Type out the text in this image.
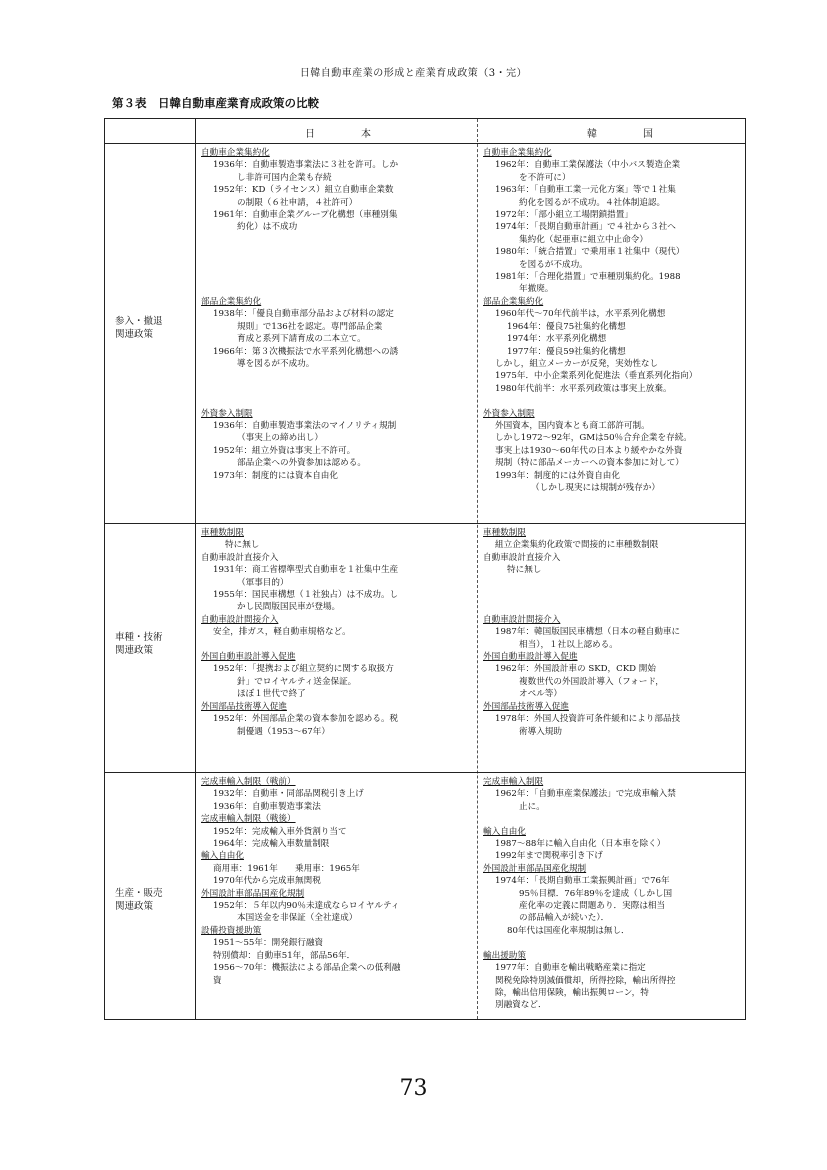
日韓自動車産業の形成と産業育成政策（3・完）
第３表　日韓自動車産業育成政策の比較
日　本	韓　国
参入・撤退
関連政策
車種・技術
関連政策
生産・販売
関連政策
自動車企業集約化
1936年：自動車製造事業法に３社を許可。しか
し非許可国内企業も存続
1952年：KD（ライセンス）組立自動車企業数
の制限（６社申請，４社許可）
1961年：自動車企業グループ化構想（車種別集
約化）は不成功

部品企業集約化
1938年：「優良自動車部分品および材料の認定
規則」で136社を認定。専門部品企業
育成と系列下請育成の二本立て。
1966年：第３次機振法で水平系列化構想への誘
導を図るが不成功。

外資参入制限
1936年：自動車製造事業法のマイノリティ規制
（事実上の締め出し）
1952年：組立外資は事実上不許可。
部品企業への外資参加は認める。
1973年：制度的には資本自由化
自動車企業集約化
1962年：自動車工業保護法（中小バス製造企業
を不許可に）
1963年：「自動車工業一元化方案」等で１社集
約化を図るが不成功。４社体制追認。
1972年：「部小組立工場閉鎖措置」
1974年：「長期自動車計画」で４社から３社へ
集約化（起亜車に組立中止命令）
1980年：「統合措置」で乗用車１社集中（現代）
を図るが不成功。
1981年：「合理化措置」で車種別集約化。1988
年撤廃。
部品企業集約化
1960年代〜70年代前半は，水平系列化構想
1964年：優良75社集約化構想
1974年：水平系列化構想
1977年：優良59社集約化構想
しかし，組立メーカーが反発，実効性なし
1975年．中小企業系列化促進法（垂直系列化指向）
1980年代前半：水平系列政策は事実上放棄。

外資参入制限
外国資本，国内資本とも商工部許可制。
しかし1972〜92年，GMは50％合弁企業を存続。
事実上は1930〜60年代の日本より緩やかな外資
規制（特に部品メーカーへの資本参加に対して）
1993年：制度的には外資自由化
（しかし現実には規制が残存か）
車種数制限
特に無し
自動車設計直接介入
1931年：商工省標準型式自動車を１社集中生産
（軍事目的）
1955年：国民車構想（１社独占）は不成功。し
かし民間版国民車が登場。
自動車設計間接介入
安全，排ガス，軽自動車規格など。

外国自動車設計導入促進
1952年：「提携および組立契約に関する取扱方
針」でロイヤルティ送金保証。
ほぼ１世代で終了
外国部品技術導入促進
1952年：外国部品企業の資本参加を認める。税
制優遇（1953〜67年）
車種数制限
組立企業集約化政策で間接的に車種数制限
自動車設計直接介入
特に無し

自動車設計間接介入
1987年：韓国版国民車構想（日本の軽自動車に
相当），１社以上認める。
外国自動車設計導入促進
1962年：外国設計車の SKD，CKD 開始
複数世代の外国設計導入（フォード，
オペル等）
外国部品技術導入促進
1978年：外国人投資許可条件緩和により部品技
術導入規助
完成車輸入制限（戦前）
1932年：自動車・同部品関税引き上げ
1936年：自動車製造事業法
完成車輸入制限（戦後）
1952年：完成輸入車外貨割り当て
1964年：完成輸入車数量制限
輸入自由化
商用車：1961年　　乗用車：1965年
1970年代から完成車無関税
外国設計車部品国産化規制
1952年：５年以内90％未達成ならロイヤルティ
本国送金を非保証（全社達成）
設備投資援助策
1951〜55年：開発銀行融資
特別償却：自動車51年，部品56年．
1956〜70年：機振法による部品企業への低利融
資
完成車輸入制限
1962年：「自動車産業保護法」で完成車輸入禁
止に。

輸入自由化
1987〜88年に輸入自由化（日本車を除く）
1992年まで関税率引き下げ
外国設計車部品国産化規制
1974年：「長期自動車工業振興計画」で76年
95％目標．76年89％を達成（しかし国
産化率の定義に問題あり．実際は相当
の部品輸入が続いた）．
80年代は国産化率規制は無し．

輸出援助策
1977年：自動車を輸出戦略産業に指定
関税免除特別減価償却，所得控除，輸出所得控
除，輸出信用保険，輸出振興ローン，特
別融資など．
73
